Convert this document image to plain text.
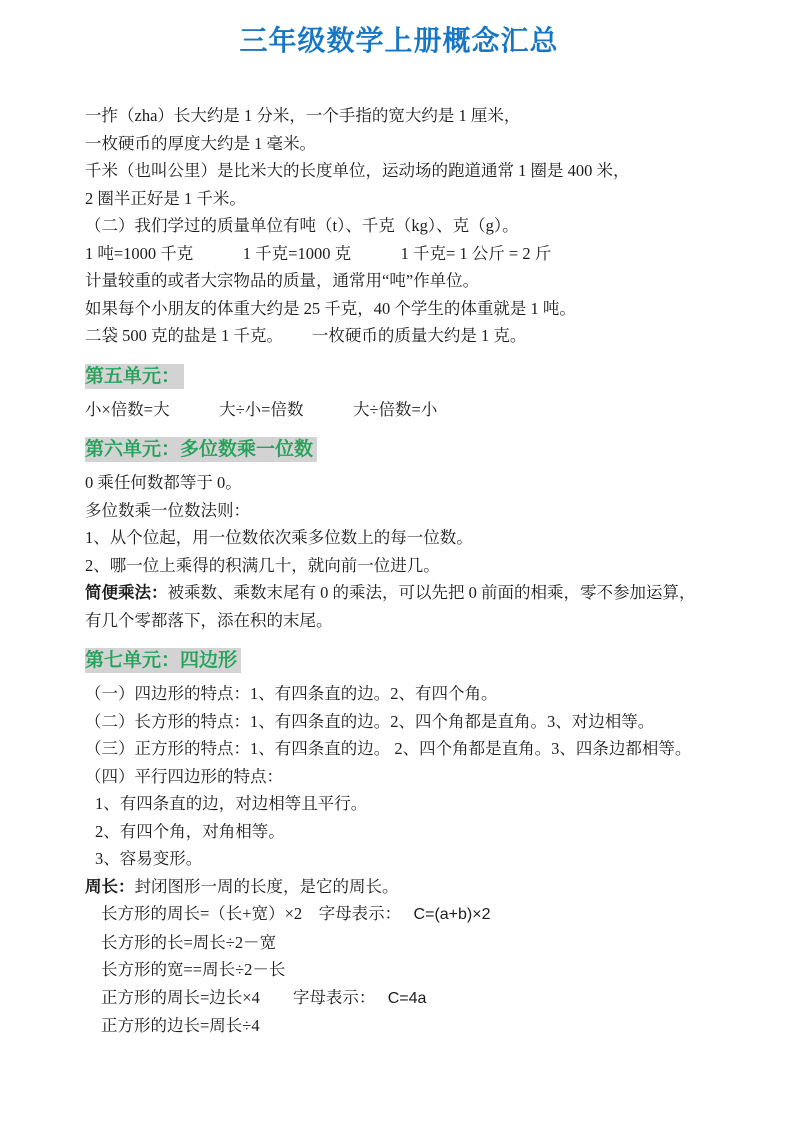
三年级数学上册概念汇总
一拃（zha）长大约是 1 分米，一个手指的宽大约是 1 厘米，
一枚硬币的厚度大约是 1 毫米。
千米（也叫公里）是比米大的长度单位，运动场的跑道通常 1 圈是 400 米，
2 圈半正好是 1 千米。
（二）我们学过的质量单位有吨（t）、千克（kg）、克（g）。
1 吨=1000 千克　　　1 千克=1000 克　　　1 千克= 1 公斤 = 2 斤
计量较重的或者大宗物品的质量，通常用“吨”作单位。
如果每个小朋友的体重大约是 25 千克，40 个学生的体重就是 1 吨。
二袋 500 克的盐是 1 千克。　　 一枚硬币的质量大约是 1 克。
第五单元：
小×倍数=大　　　大÷小=倍数　　　大÷倍数=小
第六单元：多位数乘一位数
0 乘任何数都等于 0。
多位数乘一位数法则：
1、从个位起，用一位数依次乘多位数上的每一位数。
2、哪一位上乘得的积满几十，就向前一位进几。
简便乘法：被乘数、乘数末尾有 0 的乘法，可以先把 0 前面的相乘，零不参加运算，
有几个零都落下，添在积的末尾。
第七单元：四边形
（一）四边形的特点：1、有四条直的边。2、有四个角。
（二）长方形的特点：1、有四条直的边。2、四个角都是直角。3、对边相等。
（三）正方形的特点：1、有四条直的边。 2、四个角都是直角。3、四条边都相等。
（四）平行四边形的特点：
1、有四条直的边，对边相等且平行。
2、有四个角，对角相等。
3、容易变形。
周长：封闭图形一周的长度，是它的周长。
长方形的周长=（长+宽）×2　字母表示：　 C=(a+b)×2
长方形的长=周长÷2－宽
长方形的宽==周长÷2－长
正方形的周长=边长×4　　字母表示：　 C=4a
正方形的边长=周长÷4
